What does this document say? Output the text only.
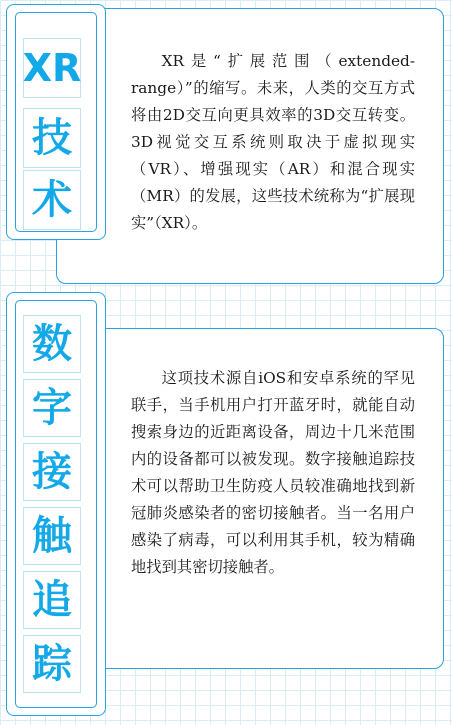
XR
技
术

XR是“扩展范围（extended-range）”的缩写。未来，人类的交互方式将由2D交互向更具效率的3D交互转变。3D视觉交互系统则取决于虚拟现实（VR）、增强现实（AR）和混合现实（MR）的发展，这些技术统称为“扩展现实”（XR）。

数
字
接
触
追
踪

这项技术源自iOS和安卓系统的罕见联手，当手机用户打开蓝牙时，就能自动搜索身边的近距离设备，周边十几米范围内的设备都可以被发现。数字接触追踪技术可以帮助卫生防疫人员较准确地找到新冠肺炎感染者的密切接触者。当一名用户感染了病毒，可以利用其手机，较为精确地找到其密切接触者。
